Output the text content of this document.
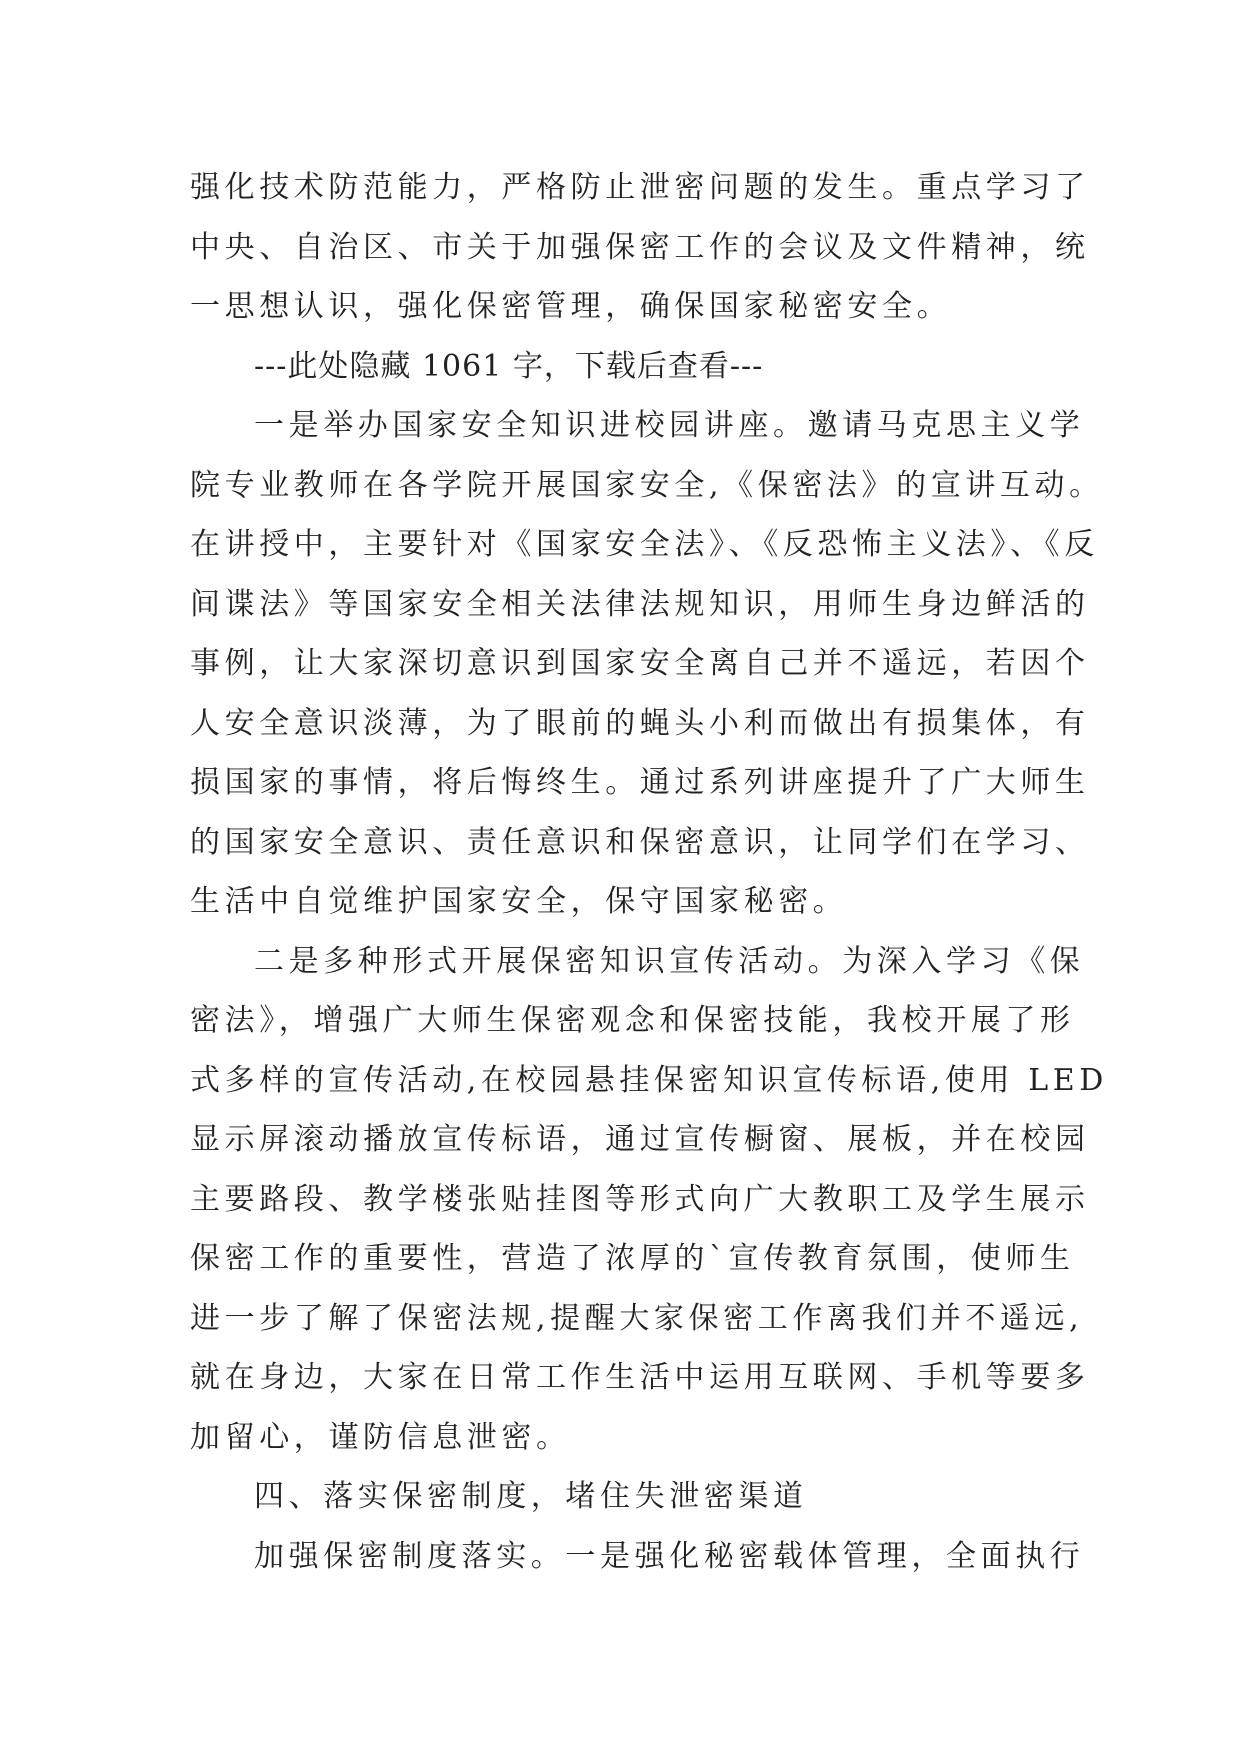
强化技术防范能力，严格防止泄密问题的发生。重点学习了
中央、自治区、市关于加强保密工作的会议及文件精神，统
一思想认识，强化保密管理，确保国家秘密安全。
---此处隐藏 1061 字，下载后查看---
一是举办国家安全知识进校园讲座。邀请马克思主义学
院专业教师在各学院开展国家安全,《保密法》的宣讲互动。
在讲授中，主要针对《国家安全法》、《反恐怖主义法》、《反
间谍法》等国家安全相关法律法规知识，用师生身边鲜活的
事例，让大家深切意识到国家安全离自己并不遥远，若因个
人安全意识淡薄，为了眼前的蝇头小利而做出有损集体，有
损国家的事情，将后悔终生。通过系列讲座提升了广大师生
的国家安全意识、责任意识和保密意识，让同学们在学习、
生活中自觉维护国家安全，保守国家秘密。
二是多种形式开展保密知识宣传活动。为深入学习《保
密法》，增强广大师生保密观念和保密技能，我校开展了形
式多样的宣传活动,在校园悬挂保密知识宣传标语,使用 LED
显示屏滚动播放宣传标语，通过宣传橱窗、展板，并在校园
主要路段、教学楼张贴挂图等形式向广大教职工及学生展示
保密工作的重要性，营造了浓厚的`宣传教育氛围，使师生
进一步了解了保密法规,提醒大家保密工作离我们并不遥远,
就在身边，大家在日常工作生活中运用互联网、手机等要多
加留心，谨防信息泄密。
四、落实保密制度，堵住失泄密渠道
加强保密制度落实。一是强化秘密载体管理，全面执行
